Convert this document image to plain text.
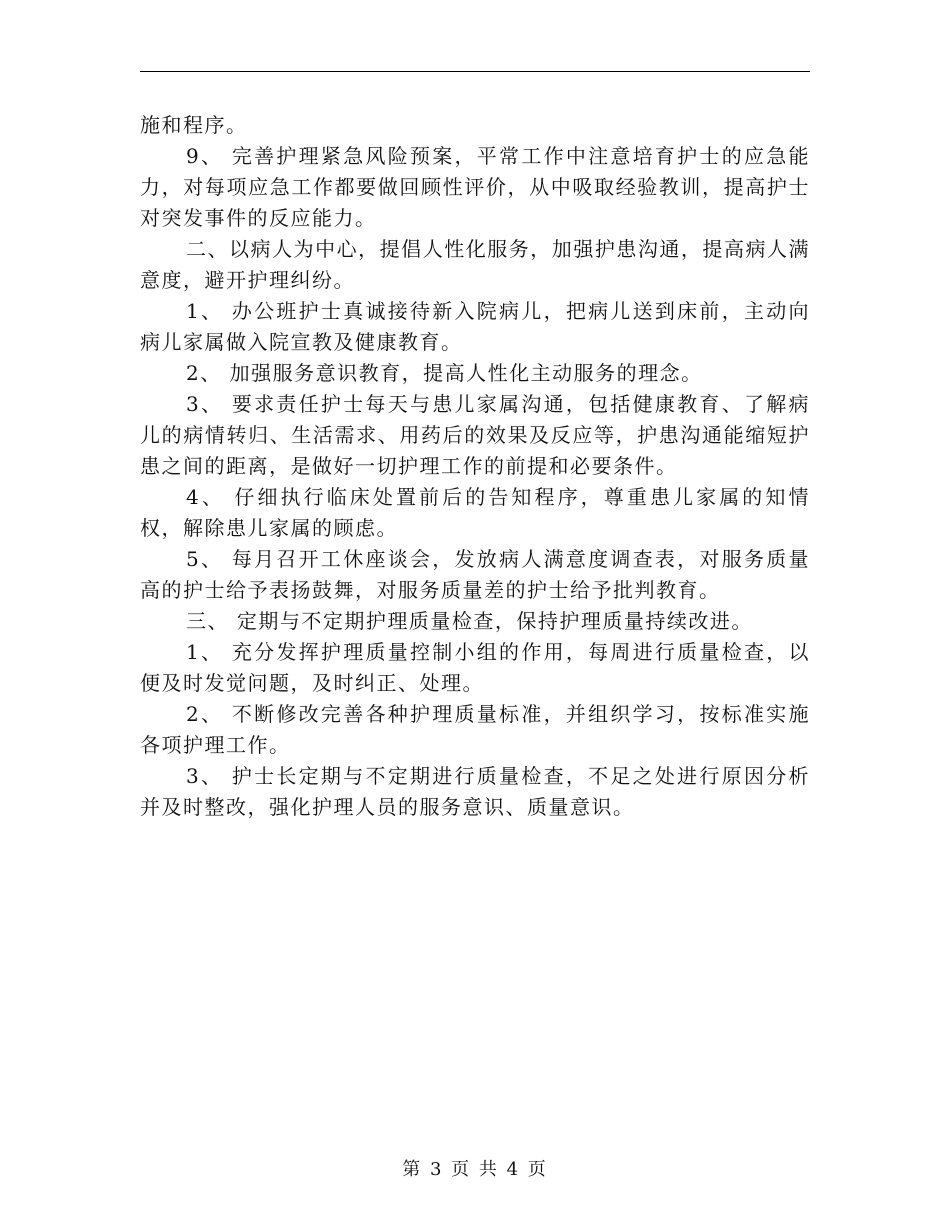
施和程序。

9、 完善护理紧急风险预案，平常工作中注意培育护士的应急能力，对每项应急工作都要做回顾性评价，从中吸取经验教训，提高护士对突发事件的反应能力。

二、以病人为中心，提倡人性化服务，加强护患沟通，提高病人满意度，避开护理纠纷。

1、 办公班护士真诚接待新入院病儿，把病儿送到床前，主动向病儿家属做入院宣教及健康教育。

2、 加强服务意识教育，提高人性化主动服务的理念。

3、 要求责任护士每天与患儿家属沟通，包括健康教育、了解病儿的病情转归、生活需求、用药后的效果及反应等，护患沟通能缩短护患之间的距离，是做好一切护理工作的前提和必要条件。

4、 仔细执行临床处置前后的告知程序，尊重患儿家属的知情权，解除患儿家属的顾虑。

5、 每月召开工休座谈会，发放病人满意度调查表，对服务质量高的护士给予表扬鼓舞，对服务质量差的护士给予批判教育。

三、 定期与不定期护理质量检查，保持护理质量持续改进。

1、 充分发挥护理质量控制小组的作用，每周进行质量检查，以便及时发觉问题，及时纠正、处理。

2、 不断修改完善各种护理质量标准，并组织学习，按标准实施各项护理工作。

3、 护士长定期与不定期进行质量检查，不足之处进行原因分析并及时整改，强化护理人员的服务意识、质量意识。

第 3 页 共 4 页
